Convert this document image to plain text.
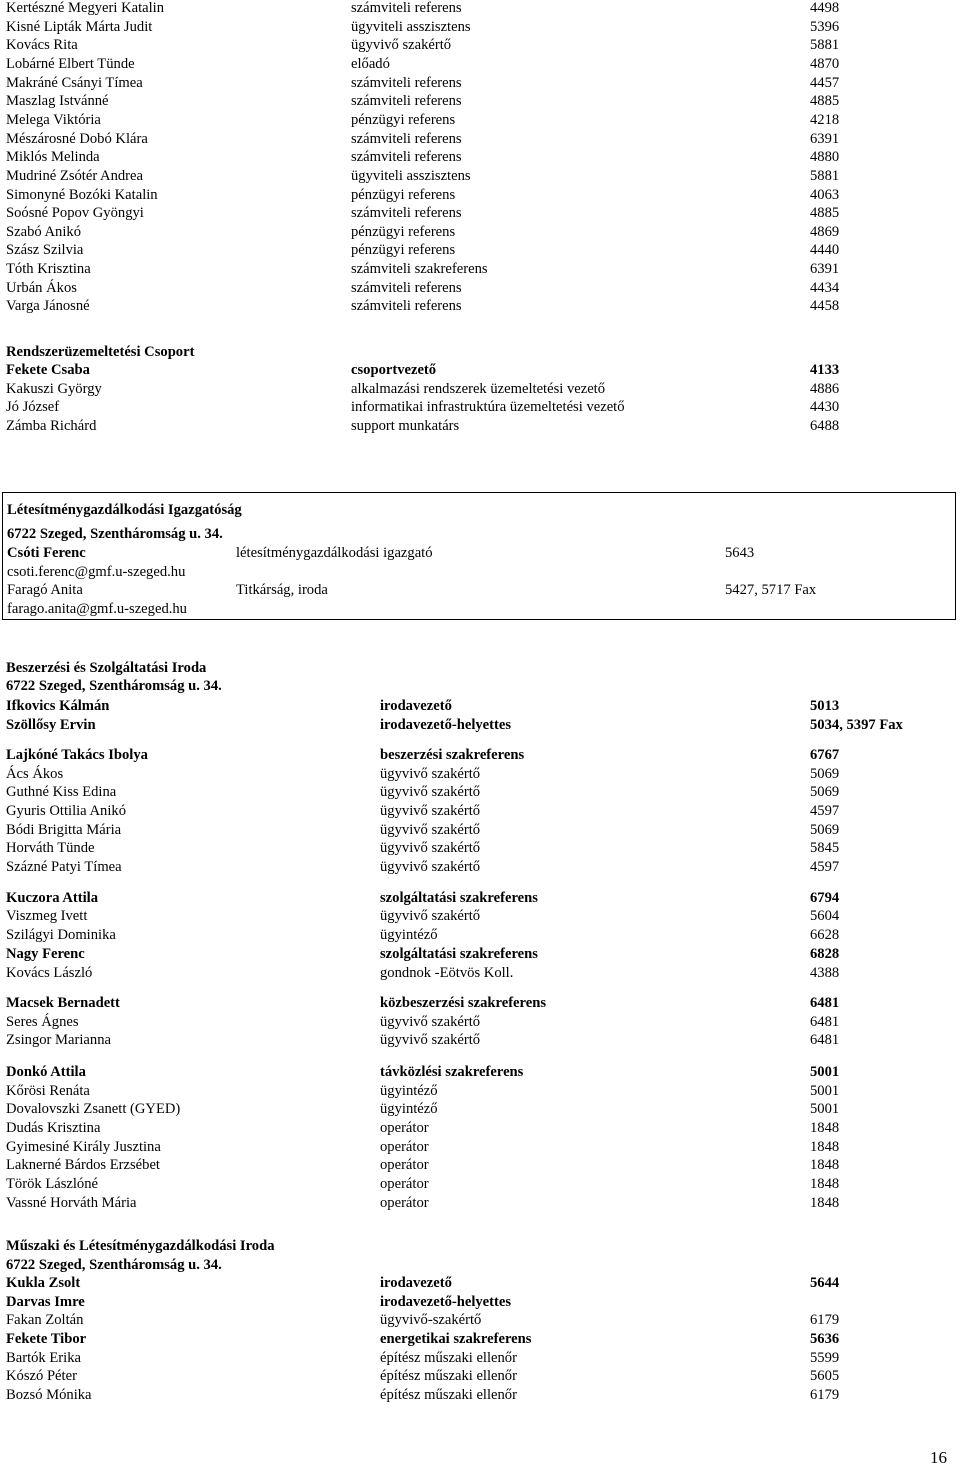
Kertészné Megyeri Katalin	számviteli referens	4498
Kisné Lipták Márta Judit	ügyviteli asszisztens	5396
Kovács Rita	ügyvivő szakértő	5881
Lobárné Elbert Tünde	előadó	4870
Makráné Csányi Tímea	számviteli referens	4457
Maszlag Istvánné	számviteli referens	4885
Melega Viktória	pénzügyi referens	4218
Mészárosné Dobó Klára	számviteli referens	6391
Miklós Melinda	számviteli referens	4880
Mudriné Zsótér Andrea	ügyviteli asszisztens	5881
Simonyné Bozóki Katalin	pénzügyi referens	4063
Soósné Popov Gyöngyi	számviteli referens	4885
Szabó Anikó	pénzügyi referens	4869
Szász Szilvia	pénzügyi referens	4440
Tóth Krisztina	számviteli szakreferens	6391
Urbán Ákos	számviteli referens	4434
Varga Jánosné	számviteli referens	4458
Rendszerüzemeltetési Csoport
Fekete Csaba	csoportvezető	4133
Kakuszi György	alkalmazási rendszerek üzemeltetési vezető	4886
Jó József	informatikai infrastruktúra üzemeltetési vezető	4430
Zámba Richárd	support munkatárs	6488
Létesítménygazdálkodási Igazgatóság
6722 Szeged, Szentháromság u. 34.
Csóti Ferenc	létesítménygazdálkodási igazgató	5643
csoti.ferenc@gmf.u-szeged.hu
Faragó Anita	Titkárság, iroda	5427, 5717 Fax
farago.anita@gmf.u-szeged.hu
Beszerzési és Szolgáltatási Iroda
6722 Szeged, Szentháromság u. 34.
Ifkovics Kálmán	irodavezető	5013
Szöllősy Ervin	irodavezető-helyettes	5034, 5397 Fax
Lajkóné Takács Ibolya	beszerzési szakreferens	6767
Ács Ákos	ügyvivő szakértő	5069
Guthné Kiss Edina	ügyvivő szakértő	5069
Gyuris Ottilia Anikó	ügyvivő szakértő	4597
Bódi Brigitta Mária	ügyvivő szakértő	5069
Horváth Tünde	ügyvivő szakértő	5845
Százné Patyi Tímea	ügyvivő szakértő	4597
Kuczora Attila	szolgáltatási szakreferens	6794
Viszmeg Ivett	ügyvivő szakértő	5604
Szilágyi Dominika	ügyintéző	6628
Nagy Ferenc	szolgáltatási szakreferens	6828
Kovács László	gondnok -Eötvös Koll.	4388
Macsek Bernadett	közbeszerzési szakreferens	6481
Seres Ágnes	ügyvivő szakértő	6481
Zsingor Marianna	ügyvivő szakértő	6481
Donkó Attila	távközlési szakreferens	5001
Kőrösi Renáta	ügyintéző	5001
Dovalovszki Zsanett (GYED)	ügyintéző	5001
Dudás Krisztina	operátor	1848
Gyimesiné Király Jusztina	operátor	1848
Laknerné Bárdos Erzsébet	operátor	1848
Török Lászlóné	operátor	1848
Vassné Horváth Mária	operátor	1848
Műszaki és Létesítménygazdálkodási Iroda
6722 Szeged, Szentháromság u. 34.
Kukla Zsolt	irodavezető	5644
Darvas Imre	irodavezető-helyettes
Fakan Zoltán	ügyvivő-szakértő	6179
Fekete Tibor	energetikai szakreferens	5636
Bartók Erika	építész műszaki ellenőr	5599
Kószó Péter	építész műszaki ellenőr	5605
Bozsó Mónika	építész műszaki ellenőr	6179
16
